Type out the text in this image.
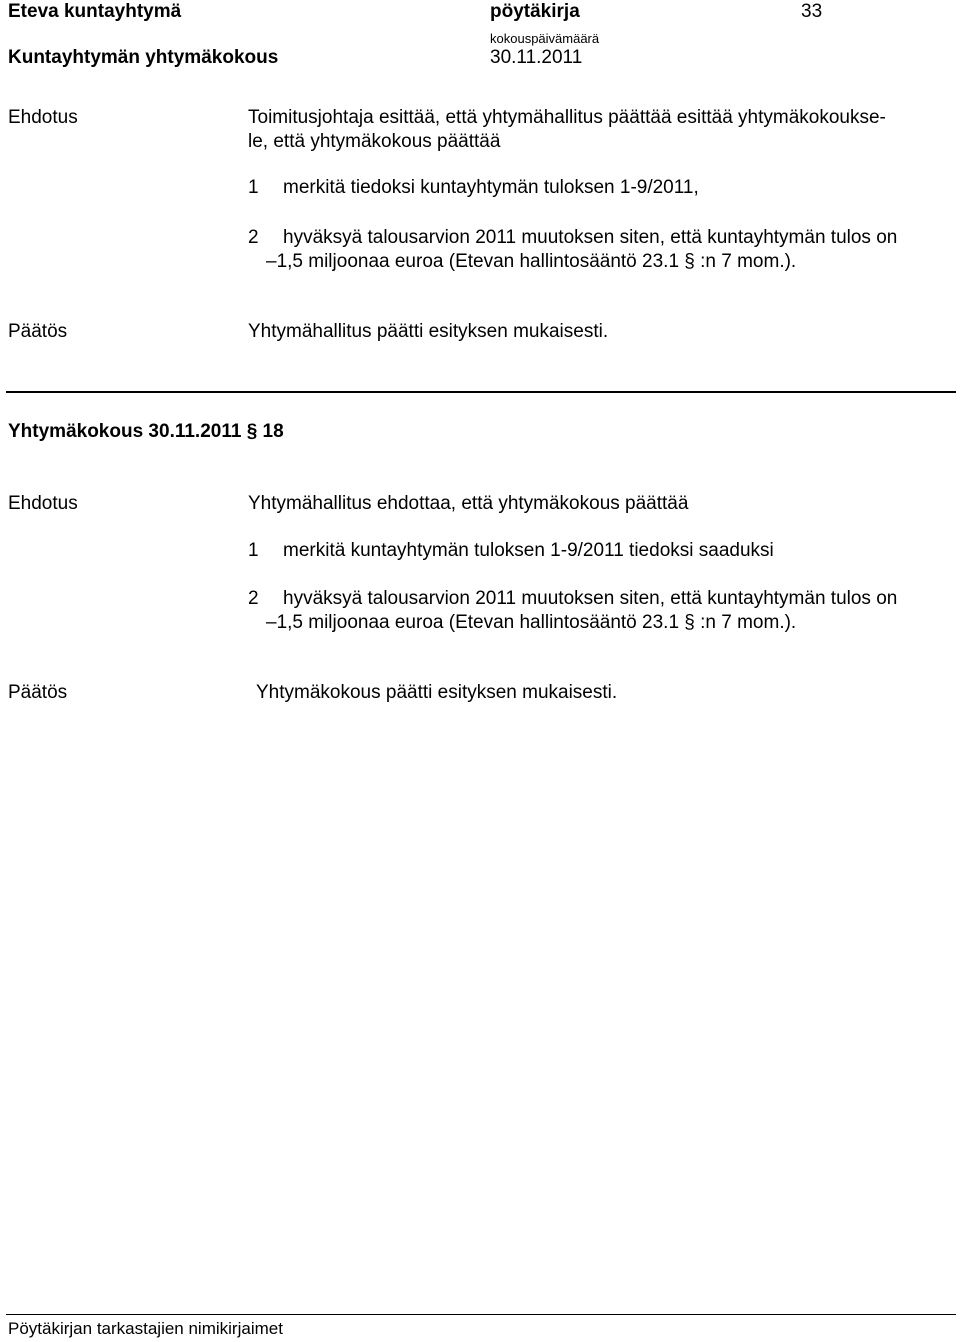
Eteva kuntayhtymä	pöytäkirja	33
Kuntayhtymän yhtymäkokous
kokouspäivämäärä
30.11.2011
Ehdotus	Toimitusjohtaja esittää, että yhtymähallitus päättää esittää yhtymäkokoukse-
le, että yhtymäkokous päättää
1 merkitä tiedoksi kuntayhtymän tuloksen 1-9/2011,
2 hyväksyä talousarvion 2011 muutoksen siten, että kuntayhtymän tulos on
–1,5 miljoonaa euroa (Etevan hallintosääntö 23.1 § :n 7 mom.).
Päätös	Yhtymähallitus päätti esityksen mukaisesti.
Yhtymäkokous 30.11.2011 § 18
Ehdotus	Yhtymähallitus ehdottaa, että yhtymäkokous päättää
1 merkitä kuntayhtymän tuloksen 1-9/2011 tiedoksi saaduksi
2 hyväksyä talousarvion 2011 muutoksen siten, että kuntayhtymän tulos on
–1,5 miljoonaa euroa (Etevan hallintosääntö 23.1 § :n 7 mom.).
Päätös	Yhtymäkokous päätti esityksen mukaisesti.
Pöytäkirjan tarkastajien nimikirjaimet
